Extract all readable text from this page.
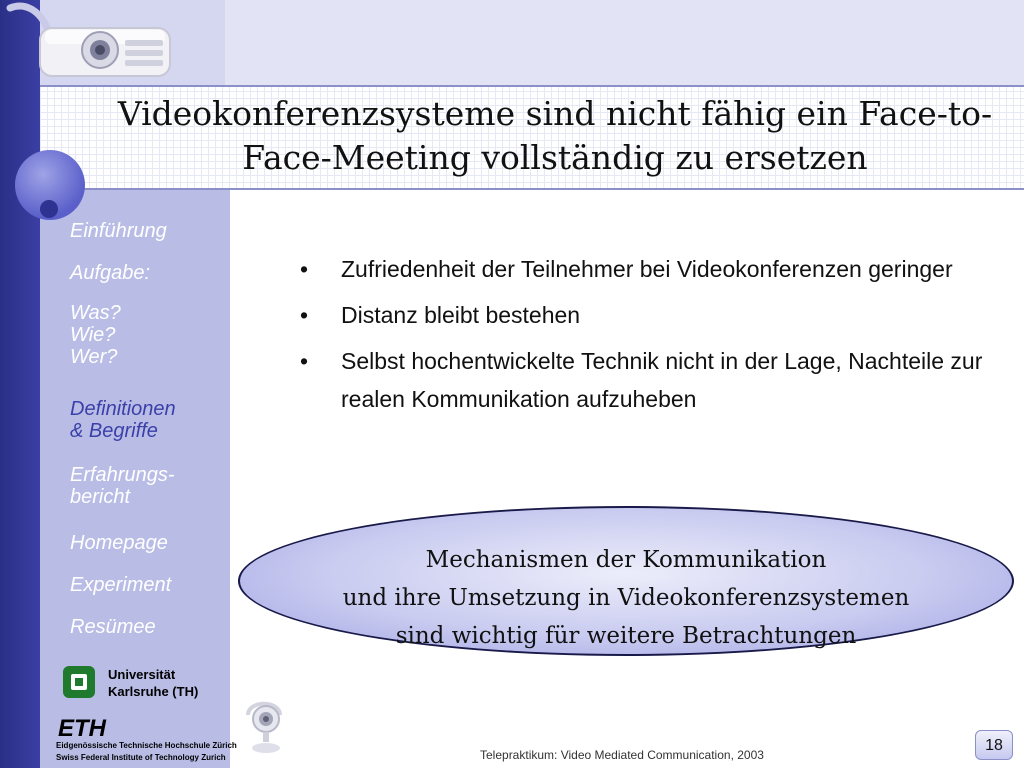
Videokonferenzsysteme sind nicht fähig ein Face-to-Face-Meeting vollständig zu ersetzen
Einführung
Aufgabe:
Was?
Wie?
Wer?
Definitionen
& Begriffe
Erfahrungs-
bericht
Homepage
Experiment
Resümee
• Zufriedenheit der Teilnehmer bei Videokonferenzen geringer
• Distanz bleibt bestehen
• Selbst hochentwickelte Technik nicht in der Lage, Nachteile zur realen Kommunikation aufzuheben
Mechanismen der Kommunikation
und ihre Umsetzung in Videokonferenzsystemen
sind wichtig für weitere Betrachtungen
Universität
Karlsruhe (TH)
ETH
Eidgenössische Technische Hochschule Zürich
Swiss Federal Institute of Technology Zurich	Telepraktikum: Video Mediated Communication, 2003
18
